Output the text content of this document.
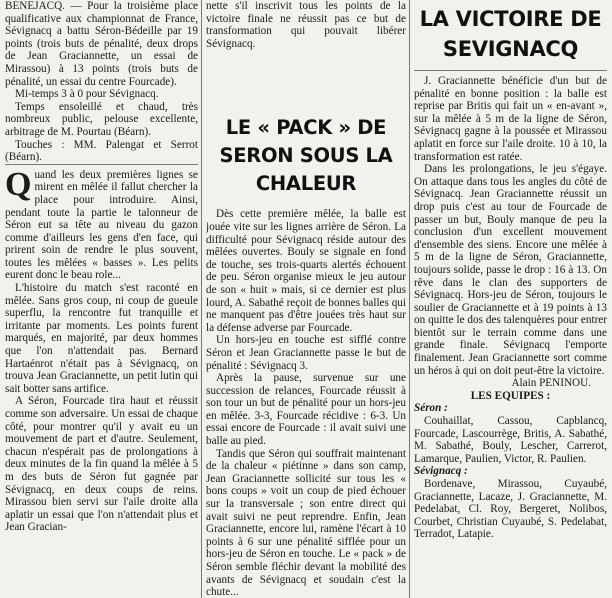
BENEJACQ. — Pour la troisième place qualificative aux championnat de France, Sévignacq a battu Séron-Bédeille par 19 points (trois buts de pénalité, deux drops de Jean Graciannette, un essai de Mirassou) à 13 points (trois buts de pénalité, un essai du centre Fourcade).

Mi-temps 3 à 0 pour Sévignacq.

Temps ensoleillé et chaud, très nombreux public, pelouse excellente, arbitrage de M. Pourtau (Béarn).

Touches : MM. Palengat et Serrot (Béarn).

Quand les deux premières lignes se mirent en mêlée il fallut chercher la place pour introduire. Ainsi, pendant toute la partie le talonneur de Séron eut sa tête au niveau du gazon comme d'ailleurs les gens d'en face, qui prirent soin de rendre le plus souvent, toutes les mêlées « basses ». Les pelits eurent donc le beau role...

L'histoire du match s'est raconté en mêlée. Sans gros coup, ni coup de gueule superflu, la rencontre fut tranquille et irritante par moments. Les points furent marqués, en majorité, par deux hommes que l'on n'attendait pas. Bernard Hartaénrot n'était pas à Sévignacq, on trouva Jean Graciannette, un petit lutin qui sait botter sans artifice.

A Séron, Fourcade tira haut et réussit comme son adversaire. Un essai de chaque côté, pour montrer qu'il y avait eu un mouvement de part et d'autre. Seulement, chacun n'espérait pas de prolongations à deux minutes de la fin quand la mêlée à 5 m des buts de Séron fut gagnée par Sévignacq, en deux coups de reins. Mirassou bien servi sur l'aile droite alla aplatir un essai que l'on n'attendait plus et Jean Gracian-

nette s'il inscrivit tous les points de la victoire finale ne réussit pas ce but de transformation qui pouvait libérer Sévignacq.

LE « PACK » DE SERON SOUS LA CHALEUR

Dès cette première mêlée, la balle est jouée vite sur les lignes arrière de Séron. La difficulté pour Sévignacq réside autour des mêlées ouvertes. Bouly se signale en fond de touche, ses trois-quarts alertés échouent de peu. Séron organise mieux le jeu autour de son « huit » mais, si ce dernier est plus lourd, A. Sabathé reçoit de bonnes balles qui ne manquent pas d'être jouées très haut sur la défense adverse par Fourcade.

Un hors-jeu en touche est sifflé contre Séron et Jean Graciannette passe le but de pénalité : Sévignacq 3.

Après la pause, survenue sur une succession de relances, Fourcade réussit à son tour un but de pénalité pour un hors-jeu en mêlée. 3-3, Fourcade récidive : 6-3. Un essai encore de Fourcade : il avait suivi une balle au pied.

Tandis que Séron qui souffrait maintenant de la chaleur « piétinne » dans son camp, Jean Graciannette sollicité sur tous les « bons coups » voit un coup de pied échouer sur la transversale ; son entre direct qui avait suivi ne peut reprendre. Enfin, Jean Graciannette, encore lui, ramène l'écart à 10 points à 6 sur une pénalité sifflée pour un hors-jeu de Séron en touche. Le « pack » de Séron semble fléchir devant la mobilité des avants de Sévignacq et soudain c'est la chute...

LA VICTOIRE DE SEVIGNACQ

J. Graciannette bénéficie d'un but de pénalité en bonne position : la balle est reprise par Britis qui fait un « en-avant », sur la mêlée à 5 m de la ligne de Séron, Sévignacq gagne à la poussée et Mirassou aplatit en force sur l'aile droite. 10 à 10, la transformation est ratée.

Dans les prolongations, le jeu s'égaye. On attaque dans tous les angles du côté de Sévignacq. Jean Graciannette réussit un drop puis c'est au tour de Fourcade de passer un but, Bouly manque de peu la conclusion d'un excellent mouvement d'ensemble des siens. Encore une mêlée à 5 m de la ligne de Séron, Graciannette, toujours solide, passe le drop : 16 à 13. On rêve dans le clan des supporters de Sévignacq. Hors-jeu de Séron, toujours le soulier de Graciannette et à 19 points à 13 on quitte le dos des talenquères pour entrer bientôt sur le terrain comme dans une grande finale. Sévignacq l'emporte finalement. Jean Graciannette sort comme un héros à qui on doit peut-être la victoire.

Alain PENINOU.

LES EQUIPES :

Séron :

Couhaillat, Cassou, Capblancq, Fourcade, Lascourrège, Britis, A. Sabathé, M. Sabathé, Bouly, Lescher, Carrerot, Lamarque, Paulien, Victor, R. Paulien.

Sévignacq :

Bordenave, Mirassou, Cuyaubé, Graciannette, Lacaze, J. Graciannette, M. Pedelabat, Cl. Roy, Bergeret, Nolibos, Courbet, Christian Cuyaubé, S. Pedelabat, Terradot, Latapie.
